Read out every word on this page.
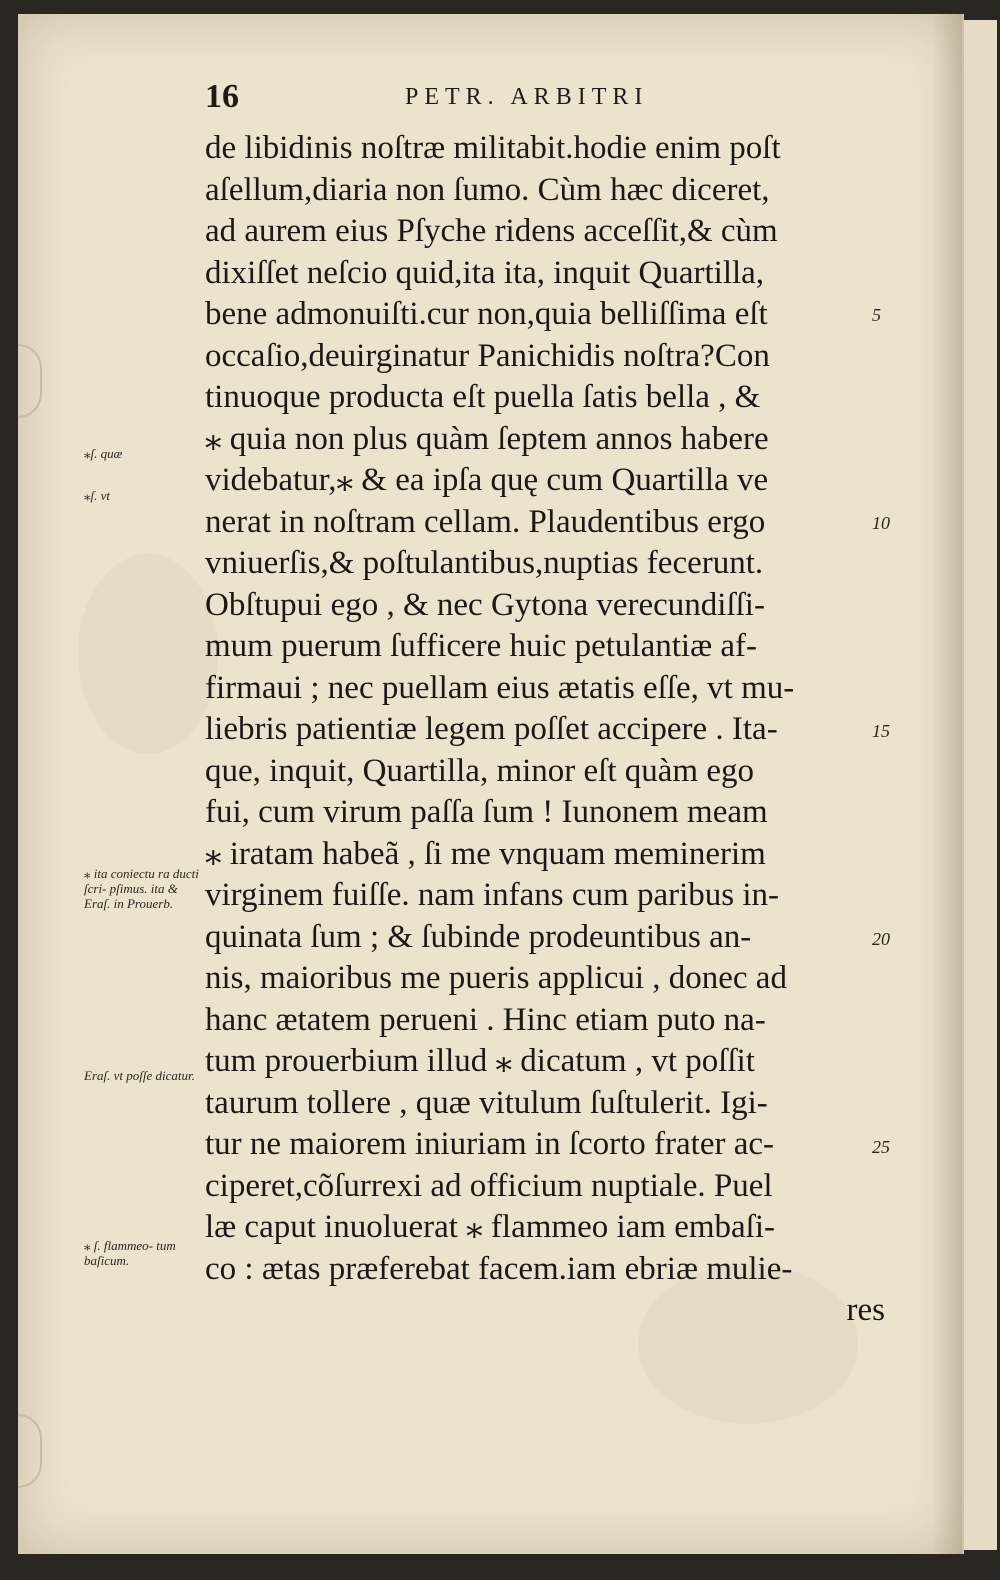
16	PETR. ARBITRI
de libidinis noſtræ militabit.hodie enim poſt
aſellum,diaria non ſumo. Cùm hæc diceret,
ad aurem eius Pſyche ridens acceſſit,& cùm
dixiſſet neſcio quid,ita ita, inquit Quartilla,
bene admonuiſti.cur non,quia belliſſima eſt
occaſio,deuirginatur Panichidis noſtra?Con
tinuoque producta eſt puella ſatis bella , &
⁎ quia non plus quàm ſeptem annos habere
videbatur,⁎ & ea ipſa quę cum Quartilla ve
nerat in noſtram cellam. Plaudentibus ergo
vniuerſis,& poſtulantibus,nuptias fecerunt.
Obſtupui ego , & nec Gytona verecundiſſi-
mum puerum ſufficere huic petulantiæ af-
firmaui ; nec puellam eius ætatis eſſe, vt mu-
liebris patientiæ legem poſſet accipere . Ita-
que, inquit, Quartilla, minor eſt quàm ego
fui, cum virum paſſa ſum ! Iunonem meam
⁎ iratam habeã , ſi me vnquam meminerim
virginem fuiſſe. nam infans cum paribus in-
quinata ſum ; & ſubinde prodeuntibus an-
nis, maioribus me pueris applicui , donec ad
hanc ætatem perueni . Hinc etiam puto na-
tum prouerbium illud ⁎ dicatum , vt poſſit
taurum tollere , quæ vitulum ſuſtulerit. Igi-
tur ne maiorem iniuriam in ſcorto frater ac-
ciperet,cõſurrexi ad officium nuptiale. Puel
læ caput inuoluerat ⁎ flammeo iam embaſi-
co : ætas præferebat facem.iam ebriæ mulie-
res
5
10
15
20
25
⁎ſ. quæ
⁎ſ. vt
⁎ ita coniectu ra ducti ſcri- pſimus. ita & Eraſ. in Prouerb.
Eraſ. vt poſſe dicatur.
⁎ ſ. flammeo- tum baſicum.
